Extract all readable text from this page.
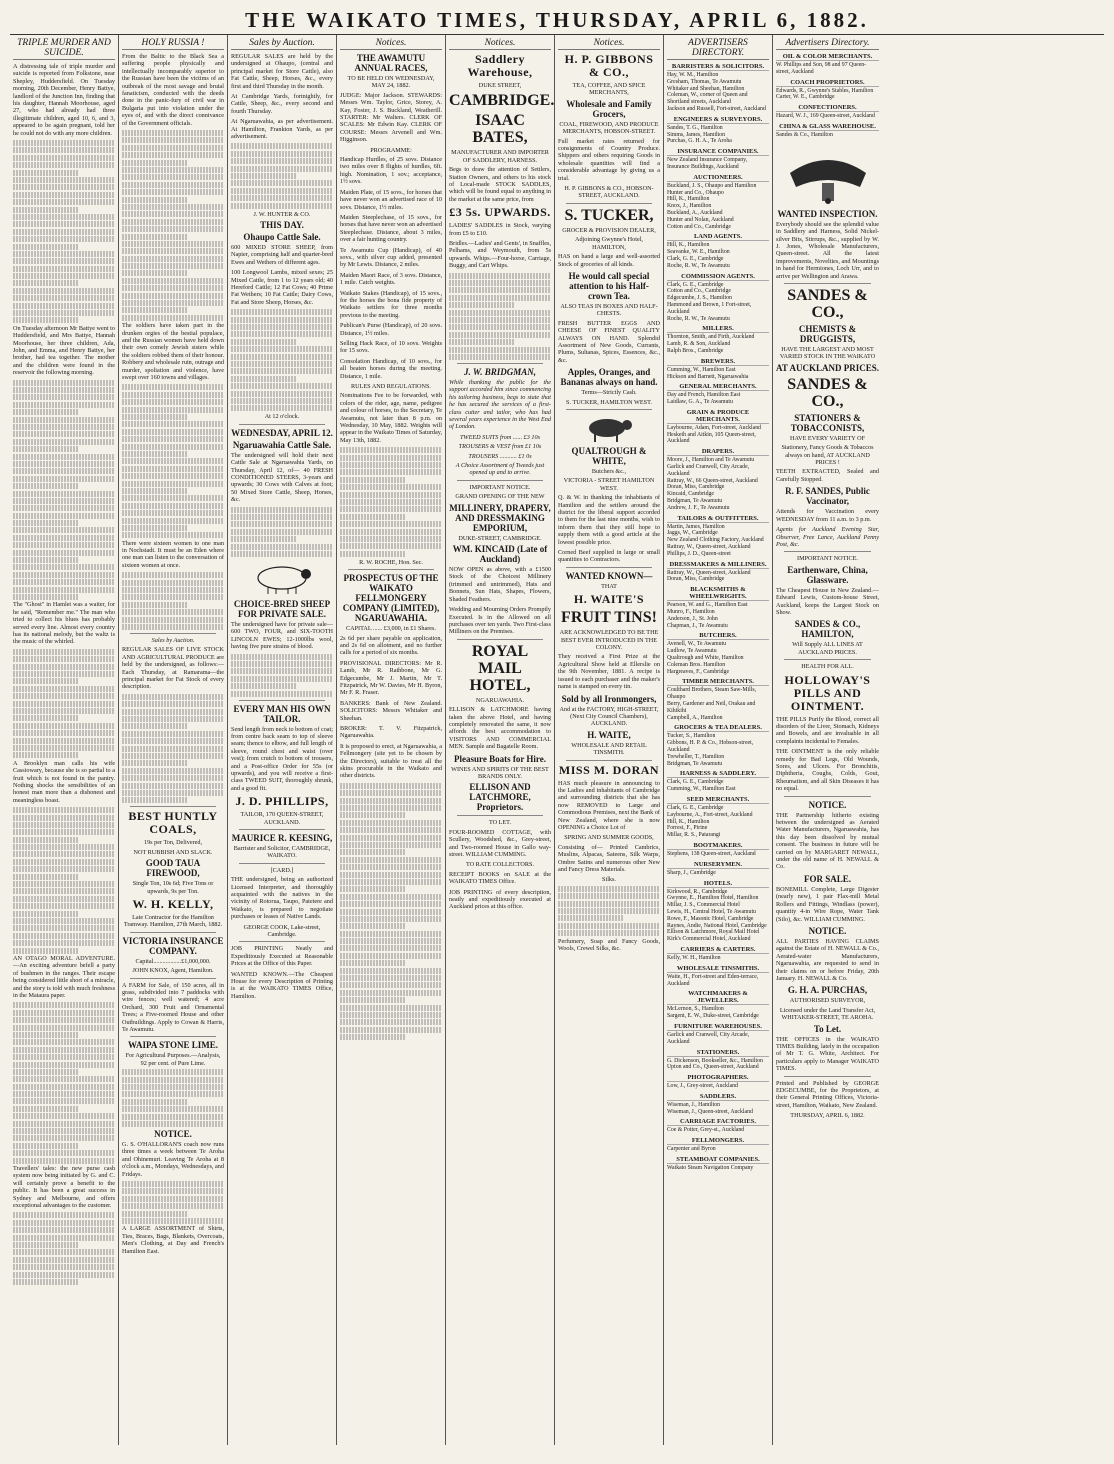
THE WAIKATO TIMES, THURSDAY, APRIL 6, 1882.
TRIPLE MURDER AND SUICIDE.

A distressing tale of triple murder and suicide is reported from Folkstone, near Shepley, Huddersfield. On Tuesday morning, 20th December, Henry Battye, landlord of the Junction Inn, finding that his daughter, Hannah Moorhouse, aged 27, who had already had three illegitimate children, aged 10, 6, and 3, appeared to be again pregnant, told her he could not do with any more children.

On Tuesday afternoon Mr Battye went to Huddersfield, and Mrs Battye, Hannah Moorhouse, her three children, Ada, John, and Emma, and Henry Battye, her brother, had tea together. The mother and the children were found in the reservoir the following morning.

The "Ghost" in Hamlet was a waiter, for he said, "Remember me." The man who tried to collect his blues has probably served every line. Almost every country has its national melody, but the waltz is the music of the whirled.

A Brooklyn man calls his wife Cassiowary, because she is so partial to a fruit which is not found in the pantry. Nothing shocks the sensibilities of an honest man more than a dishonest and meaningless boast.

AN OTAGO MORAL ADVENTURE.—An exciting adventure befell a party of bushmen in the ranges. Their escape being considered little short of a miracle, and the story is told with much freshness in the Mataura paper.

Travellers' tales: the new purse cash system now being initiated by G. and C. will certainly prove a benefit to the public. It has been a great success in Sydney and Melbourne, and offers exceptional advantages to the customer.

HOLY RUSSIA !

From the Baltic to the Black Sea a suffering people physically and intellectually incomparably superior to the Russian have been the victims of an outbreak of the most savage and brutal fanaticism, conducted with the deeds done in the panic-fury of civil war in Bulgaria put into violation under the eyes of, and with the direct connivance of the Government officials.

The soldiers have taken part in the drunken orgies of the bestial populace, and the Russian women have held down their own comely Jewish sisters while the soldiers robbed them of their honour. Robbery and wholesale ruin, outrage and murder, spoliation and violence, have swept over 160 towns and villages.

There were sixteen women to one man in Nochstadt. It must be an Eden where one man can listen to the conversation of sixteen women at once.

Sales by Auction.

REGULAR SALES OF LIVE STOCK AND AGRICULTURAL PRODUCE are held by the undersigned, as follows:— Each Thursday, at Ramarama—the principal market for Fat Stock of every description.

BEST HUNTLY COALS,
19s per Ton, Delivered,
NOT RUBBISH AND SLACK.
GOOD TAUA FIREWOOD,
Single Ton, 10s 6d; Five Tons or upwards, 9s per Ton.
W. H. KELLY,
Late Contractor for the Hamilton Tramway. Hamilton, 27th March, 1882.
VICTORIA INSURANCE COMPANY.
Capital..................£1,000,000.
JOHN KNOX, Agent, Hamilton.

A FARM for Sale, of 150 acres, all in grass, subdivided into 7 paddocks with wire fences; well watered; 4 acre Orchard, 300 Fruit and Ornamental Trees; a Five-roomed House and other Outbuildings. Apply to Cowan & Harris, Te Awamutu.

WAIPA STONE LIME.
For Agricultural Purposes.—Analysis, 92 per cent. of Pure Lime.
NOTICE.

G. S. O'HALLORAN'S coach now runs three times a week between Te Aroha and Ohinemuri. Leaving Te Aroha at 8 o'clock a.m., Mondays, Wednesdays, and Fridays.

A LARGE ASSORTMENT of Shirts, Ties, Braces, Bags, Blankets, Overcoats, Men's Clothing, at Day and French's Hamilton East.

Sales by Auction.

REGULAR SALES are held by the undersigned at Ohaupo, (central and principal market for Store Cattle), also Fat Cattle, Sheep, Horses, &c., every first and third Thursday in the month.

At Cambridge Yards, fortnightly, for Cattle, Sheep, &c., every second and fourth Thursday.

At Ngaruawahia, as per advertisement. At Hamilton, Frankton Yards, as per advertisement.

J. W. HUNTER & CO.
THIS DAY.
Ohaupo Cattle Sale.

600 MIXED STORE SHEEP, from Napier, comprising half and quarter-bred Ewes and Wethers of different ages.

100 Longwool Lambs, mixed sexes; 25 Mixed Cattle, from 1 to 12 years old; 40 Hereford Cattle; 12 Fat Cows; 40 Prime Fat Wethers; 10 Fat Cattle; Dairy Cows, Fat and Store Sheep, Horses, &c.

At 12 o'clock.
WEDNESDAY, APRIL 12.
Ngaruawahia Cattle Sale.

The undersigned will hold their next Cattle Sale at Ngaruawahia Yards, on Thursday, April 12, of— 40 FRESH CONDITIONED STEERS, 3-years and upwards; 30 Cows with Calves at foot; 50 Mixed Store Cattle, Sheep, Horses, &c.

CHOICE-BRED SHEEP FOR PRIVATE SALE.

The undersigned have for private sale— 600 TWO, FOUR, and SIX-TOOTH LINCOLN EWES; 12-1000lbs wool, having five pure strains of blood.

EVERY MAN HIS OWN TAILOR.

Send length from neck to bottom of coat; from centre back seam to top of sleeve seam; thence to elbow, and full length of sleeve, round chest and waist (over vest); from crutch to bottom of trousers, and a Post-office Order for 55s (or upwards), and you will receive a first-class TWEED SUIT, thoroughly shrunk, and a good fit.

J. D. PHILLIPS,
TAILOR, 170 QUEEN-STREET, AUCKLAND.
MAURICE R. KEESING,
Barrister and Solicitor, CAMBRIDGE, WAIKATO.
[CARD.]

THE undersigned, being an authorized Licensed Interpreter, and thoroughly acquainted with the natives in the vicinity of Rotorua, Taupo, Patetere and Waikato, is prepared to negotiate purchases or leases of Native Lands.

GEORGE COOK, Lake-street, Cambridge.

JOB PRINTING Neatly and Expeditiously Executed at Reasonable Prices at the Office of this Paper.

WANTED KNOWN.—The Cheapest House for every Description of Printing is at the WAIKATO TIMES Office, Hamilton.

Notices.
THE AWAMUTU ANNUAL RACES,
TO BE HELD ON WEDNESDAY, MAY 24, 1882.

JUDGE: Major Jackson. STEWARDS: Messrs Wm. Taylor, Grice, Storey, A. Kay, Foster, J. S. Buckland, Weatherill. STARTER: Mr Walters. CLERK OF SCALES: Mr Edwin Kay. CLERK OF COURSE: Messrs Arvenell and Wm. Higginson.

PROGRAMME:

Handicap Hurdles, of 25 sovs. Distance two miles over 8 flights of hurdles, 6ft. high. Nomination, 1 sov.; acceptance, 1½ sovs.

Maiden Plate, of 15 sovs., for horses that have never won an advertised race of 10 sovs. Distance, 1½ miles.

Maiden Steeplechase, of 15 sovs., for horses that have never won an advertised Steeplechase. Distance, about 3 miles, over a fair hunting country.

Te Awamutu Cup (Handicap), of 40 sovs., with silver cup added, presented by Mr Lewis. Distance, 2 miles.

Maiden Maori Race, of 3 sovs. Distance, 1 mile. Catch weights.

Waikato Stakes (Handicap), of 15 sovs., for the horses the bona fide property of Waikato settlers for three months previous to the meeting.

Publican's Purse (Handicap), of 20 sovs. Distance, 1½ miles.

Selling Hack Race, of 10 sovs. Weights for 15 sovs.

Consolation Handicap, of 10 sovs., for all beaten horses during the meeting. Distance, 1 mile.

RULES AND REGULATIONS.

Nominations Fee to be forwarded, with colors of the rider, age, name, pedigree and colour of horses, to the Secretary, Te Awamutu, not later than 8 p.m. on Wednesday, 10 May, 1882. Weights will appear in the Waikato Times of Saturday, May 13th, 1882.

R. W. ROCHE, Hon. Sec.
PROSPECTUS OF THE WAIKATO FELLMONGERY COMPANY (LIMITED), NGARUAWAHIA.
CAPITAL ...... £3,000, in £1 Shares.

2s 6d per share payable on application, and 2s 6d on allotment, and no further calls for a period of six months.

PROVISIONAL DIRECTORS: Mr R. Lamb, Mr R. Rathbone, Mr G. Edgecumbe, Mr J. Martin, Mr T. Fitzpatrick, Mr W. Davies, Mr H. Byron, Mr F. R. Fraser.

BANKERS: Bank of New Zealand. SOLICITORS: Messrs Whitaker and Sheehan.

BROKER: T. V. Fitzpatrick, Ngaruawahia.

It is proposed to erect, at Ngaruawahia, a Fellmongery (site yet to be chosen by the Directors), suitable to treat all the skins procurable in the Waikato and other districts.

Notices.
Saddlery Warehouse,
DUKE STREET,
CAMBRIDGE.
ISAAC BATES,
MANUFACTURER AND IMPORTER OF SADDLERY, HARNESS.

Begs to draw the attention of Settlers, Station Owners, and others to his stock of Local-made STOCK SADDLES, which will be found equal to anything in the market at the same price, from

£3 5s. UPWARDS.

LADIES' SADDLES in Stock, varying from £5 to £10.

Bridles.—Ladies' and Gents', in Snaffles, Pelhams, and Weymouth, from 5s upwards. Whips.—Four-horse, Carriage, Buggy, and Cart Whips.

J. W. BRIDGMAN,

While thanking the public for the support accorded him since commencing his tailoring business, begs to state that he has secured the services of a first-class cutter and tailor, who has had several years experience in the West End of London.

TWEED SUITS from ...... £3 10s
TROUSERS & VEST from £1 10s
TROUSERS ........... £1 0s
A Choice Assortment of Tweeds just opened up and to arrive.
IMPORTANT NOTICE.
GRAND OPENING OF THE NEW
MILLINERY, DRAPERY, AND DRESSMAKING EMPORIUM,
DUKE-STREET, CAMBRIDGE.
WM. KINCAID (Late of Auckland)

NOW OPEN as above, with a £1500 Stock of the Choicest Millinery (trimmed and untrimmed), Hats and Bonnets, Sun Hats, Shapes, Flowers, Shaded Feathers.

Wedding and Mourning Orders Promptly Executed. Is in the Allowed on all purchases over ten yards. Two First-class Milliners on the Premises.

ROYAL MAIL HOTEL,
NGARUAWAHIA.

ELLISON & LATCHMORE having taken the above Hotel, and having completely renovated the same, it now affords the best accommodation to VISITORS AND COMMERCIAL MEN. Sample and Bagatelle Room.

Pleasure Boats for Hire.
WINES AND SPIRITS OF THE BEST BRANDS ONLY.
ELLISON AND LATCHMORE, Proprietors.
TO LET.

FOUR-ROOMED COTTAGE, with Scullery, Woodshed, &c., Grey-street, and Two-roomed House in Gallo way-street. WILLIAM CUMMING.

TO RATE COLLECTORS.

RECEIPT BOOKS on SALE at the WAIKATO TIMES Office.

JOB PRINTING of every description, neatly and expeditiously executed at Auckland prices at this office.

Notices.
H. P. GIBBONS & CO.,
TEA, COFFEE, AND SPICE MERCHANTS,
Wholesale and Family Grocers,
COAL, FIREWOOD, AND PRODUCE MERCHANTS, HOBSON-STREET.

Full market rates returned for consignments of Country Produce. Shippers and others requiring Goods in wholesale quantities will find a considerable advantage by giving us a trial.

H. P. GIBBONS & CO., HOBSON-STREET, AUCKLAND.
S. TUCKER,
GROCER & PROVISION DEALER,
Adjoining Gwynne's Hotel, HAMILTON,

HAS on hand a large and well-assorted Stock of groceries of all kinds.

He would call special attention to his Half-crown Tea.
ALSO TEAS IN BOXES AND HALF-CHESTS.

FRESH BUTTER EGGS AND CHEESE OF FINEST QUALITY ALWAYS ON HAND. Splendid Assortment of New Goods, Currants, Plums, Sultanas, Spices, Essences, &c., &c.

Apples, Oranges, and Bananas always on hand.
Terms—Strictly Cash.
S. TUCKER, HAMILTON WEST.
QUALTROUGH & WHITE,
Butchers &c.,
VICTORIA - STREET HAMILTON WEST.

Q. & W. in thanking the inhabitants of Hamilton and the settlers around the district for the liberal support accorded to them for the last nine months, wish to inform them that they still hope to supply them with a good article at the lowest possible price.

Corned Beef supplied in large or small quantities to Contractors.

WANTED KNOWN—
THAT
H. WAITE'S
FRUIT TINS!
ARE ACKNOWLEDGED TO BE THE BEST EVER INTRODUCED IN THE COLONY.

They received a First Prize at the Agricultural Show held at Ellerslie on the 9th November, 1881. A recipe is issued to each purchaser and the maker's name is stamped on every tin.

Sold by all Ironmongers,
And at the FACTORY, HIGH-STREET, (Next City Council Chambers), AUCKLAND.
H. WAITE,
WHOLESALE AND RETAIL TINSMITH.
MISS M. DORAN

HAS much pleasure in announcing to the Ladies and inhabitants of Cambridge and surrounding districts that she has now REMOVED to Large and Commodious Premises, next the Bank of New Zealand, where she is now OPENING a Choice Lot of

SPRING AND SUMMER GOODS,

Consisting of— Printed Cambrics, Muslins, Alpacas, Sateens, Silk Warps, Ombre Satins and numerous other New and Fancy Dress Materials.

Silks.

Perfumery, Soap and Fancy Goods, Wools, Crewel Silks, &c.

ADVERTISERS DIRECTORY.
BARRISTERS & SOLICITORS.
Hay, W. M., Hamilton
Gresham, Thomas, Te Awamutu
Whitaker and Sheehan, Hamilton
Coleman, W., corner of Queen and Shortland streets, Auckland
Jackson and Russell, Fort-street, Auckland
ENGINEERS & SURVEYORS.
Sandes, T. G., Hamilton
Simms, James, Hamilton
Purchas, G. H. A., Te Aroha
INSURANCE COMPANIES.
New Zealand Insurance Company, Insurance Buildings, Auckland
AUCTIONEERS.
Buckland, J. S., Ohaupo and Hamilton
Hunter and Co., Ohaupo
Hill, K., Hamilton
Knox, J., Hamilton
Buckland, A., Auckland
Hunter and Nolan, Auckland
Cotton and Co., Cambridge
LAND AGENTS.
Hill, K., Hamilton
Seavanke, W. E., Hamilton
Clark, G. E., Cambridge
Roche, R. W., Te Awamutu
COMMISSION AGENTS.
Clark, G. E., Cambridge
Cotton and Co., Cambridge
Edgecumbe, J. S., Hamilton
Hammond and Brown, 1 Fort-street, Auckland
Roche, R. W., Te Awamutu
MILLERS.
Thornton, Smith, and Firth, Auckland
Lamb, R. & Son, Auckland
Ralph Bros., Cambridge
BREWERS.
Cumming, W., Hamilton East
Hickson and Barnett, Ngaruawahia
GENERAL MERCHANTS.
Day and French, Hamilton East
Laidlaw, G. A., Te Awamutu
GRAIN & PRODUCE MERCHANTS.
Laybourne, Adam, Fort-street, Auckland
Hesketh and Aitkin, 105 Queen-street, Auckland
DRAPERS.
Moore, J., Hamilton and Te Awamutu
Garlick and Cranwell, City Arcade, Auckland
Rattray, W., 66 Queen-street, Auckland
Doran, Miss, Cambridge
Kincaid, Cambridge
Bridgman, Te Awamutu
Andrew, J. F., Te Awamutu
TAILORS & OUTFITTERS.
Martin, James, Hamilton
Jaggs, W., Cambridge
New Zealand Clothing Factory, Auckland
Rattray, W., Queen-street, Auckland
Phillips, J. D., Queen-street
DRESSMAKERS & MILLINERS.
Rattray, W., Queen-street, Auckland
Doran, Miss, Cambridge
BLACKSMITHS & WHEELWRIGHTS.
Pearson, W. and G., Hamilton East
Munro, F., Hamilton
Anderson, J., St. John
Chapman, J., Te Awamutu
BUTCHERS.
Avenell, W., Te Awamutu
Ludlow, Te Awamutu
Qualtrough and White, Hamilton
Coleman Bros. Hamilton
Hargreaves, F., Cambridge
TIMBER MERCHANTS.
Coulthard Brothers, Steam Saw-Mills, Ohaupo
Berry, Gardener and Neil, Orakau and Kihikihi
Campbell, A., Hamilton
GROCERS & TEA DEALERS.
Tucker, S., Hamilton
Gibbons, H. P. & Co., Hobson-street, Auckland
Trewheller, T., Hamilton
Bridgman, Te Awamutu
HARNESS & SADDLERY.
Clark, G. E., Cambridge
Cumming, W., Hamilton East
SEED MERCHANTS.
Clark, G. E., Cambridge
Laybourne, A., Fort-street, Auckland
Hill, K., Hamilton
Forrest, F., Pirine
Millar, R. S., Patarangi
BOOTMAKERS.
Stephens, 138 Queen-street, Auckland
NURSERYMEN.
Sharp, J., Cambridge
HOTELS.
Kirkwood, R., Cambridge
Gwynne, E., Hamilton Hotel, Hamilton
Millar, J. S., Commercial Hotel
Lewis, H., Central Hotel, Te Awamutu
Rowe, F., Masonic Hotel, Cambridge
Raynes, Andie, National Hotel, Cambridge
Ellison & Latchmore, Royal Mail Hotel
Kirk's Commercial Hotel, Auckland
CARRIERS & CARTERS.
Kelly, W. H., Hamilton
WHOLESALE TINSMITHS.
Waite, H., Fort-street and Eden-terrace, Auckland
WATCHMAKERS & JEWELLERS.
McLernon, S., Hamilton
Sargent, E. W., Duke-street, Cambridge
FURNITURE WAREHOUSES.
Garlick and Cranwell, City Arcade, Auckland
STATIONERS.
G. Dickenson, Bookseller, &c., Hamilton
Upton and Co., Queen-street, Auckland
PHOTOGRAPHERS.
Low, J., Grey-street, Auckland
SADDLERS.
Wiseman, J., Hamilton
Wiseman, J., Queen-street, Auckland
CARRIAGE FACTORIES.
Coe & Potter, Grey-st., Auckland
FELLMONGERS.
Carpenter and Byron
STEAMBOAT COMPANIES.
Waikato Steam Navigation Company
Advertisers Directory.
OIL & COLOR MERCHANTS.
W. Phillips and Son, 98 and 97 Queen-street, Auckland
COACH PROPRIETORS.
Edwards, R., Gwynne's Stables, Hamilton
Carter, W. E., Cambridge
CONFECTIONERS.
Hazard, W. J., 169 Queen-street, Auckland
CHINA & GLASS WAREHOUSE.
Sandes & Co., Hamilton
WANTED INSPECTION.

Everybody should see the splendid value in Saddlery and Harness, Solid Nickel-silver Bits, Stirrups, &c., supplied by W. J. Jones, Wholesale Manufacturers, Queen-street. All the latest improvements, Novelties, and Mountings in hand for Hermiones, Loch Urr, and to arrive per Wellington and Arawa.

SANDES & CO.,
CHEMISTS & DRUGGISTS,
HAVE THE LARGEST AND MOST VARIED STOCK IN THE WAIKATO
AT AUCKLAND PRICES.
SANDES & CO.,
STATIONERS & TOBACCONISTS,
HAVE EVERY VARIETY OF
Stationery, Fancy Goods & Tobaccos always on hand, AT AUCKLAND PRICES !

TEETH EXTRACTED, Sealed and Carefully Stopped.

R. F. SANDES, Public Vaccinator,

Attends for Vaccination every WEDNESDAY from 11 a.m. to 3 p.m.

Agents for Auckland Evening Star, Observer, Free Lance, Auckland Penny Post, &c.

IMPORTANT NOTICE.
Earthenware, China, Glassware.

The Cheapest House in New Zealand.—Edward Lewis, Custom-house Street, Auckland, keeps the Largest Stock on Show.

SANDES & CO., HAMILTON,
Will Supply ALL LINES AT AUCKLAND PRICES.
HEALTH FOR ALL.
HOLLOWAY'S PILLS AND OINTMENT.

THE PILLS Purify the Blood, correct all disorders of the Liver, Stomach, Kidneys and Bowels, and are invaluable in all complaints incidental to Females.

THE OINTMENT is the only reliable remedy for Bad Legs, Old Wounds, Sores, and Ulcers. For Bronchitis, Diphtheria, Coughs, Colds, Gout, Rheumatism, and all Skin Diseases it has no equal.

NOTICE.

THE Partnership hitherto existing between the undersigned as Aerated Water Manufacturers, Ngaruawahia, has this day been dissolved by mutual consent. The business in future will be carried on by MARGARET NEWALL, under the old name of H. NEWALL & Co.

FOR SALE.

BONEMILL Complete, Large Digester (nearly new), 1 pair Flax-mill Metal Rollers and Fittings, Windlass (power), quantity 4-in Wire Rope, Water Tank (Silo), &c. WILLIAM CUMMING.

NOTICE.

ALL PARTIES HAVING CLAIMS against the Estate of H. NEWALL & Co., Aerated-water Manufacturers, Ngaruawahia, are requested to send in their claims on or before Friday, 20th January. H. NEWALL & Co.

G. H. A. PURCHAS,
AUTHORISED SURVEYOR,
Licensed under the Land Transfer Act, WHITAKER-STREET, TE AROHA.
To Let.

THE OFFICES in the WAIKATO TIMES Building, lately in the occupation of Mr T. G. White, Architect. For particulars apply to Manager WAIKATO TIMES.

Printed and Published by GEORGE EDGECUMBE, for the Proprietors, at their General Printing Offices, Victoria-street, Hamilton, Waikato, New Zealand.

THURSDAY, APRIL 6, 1882.
